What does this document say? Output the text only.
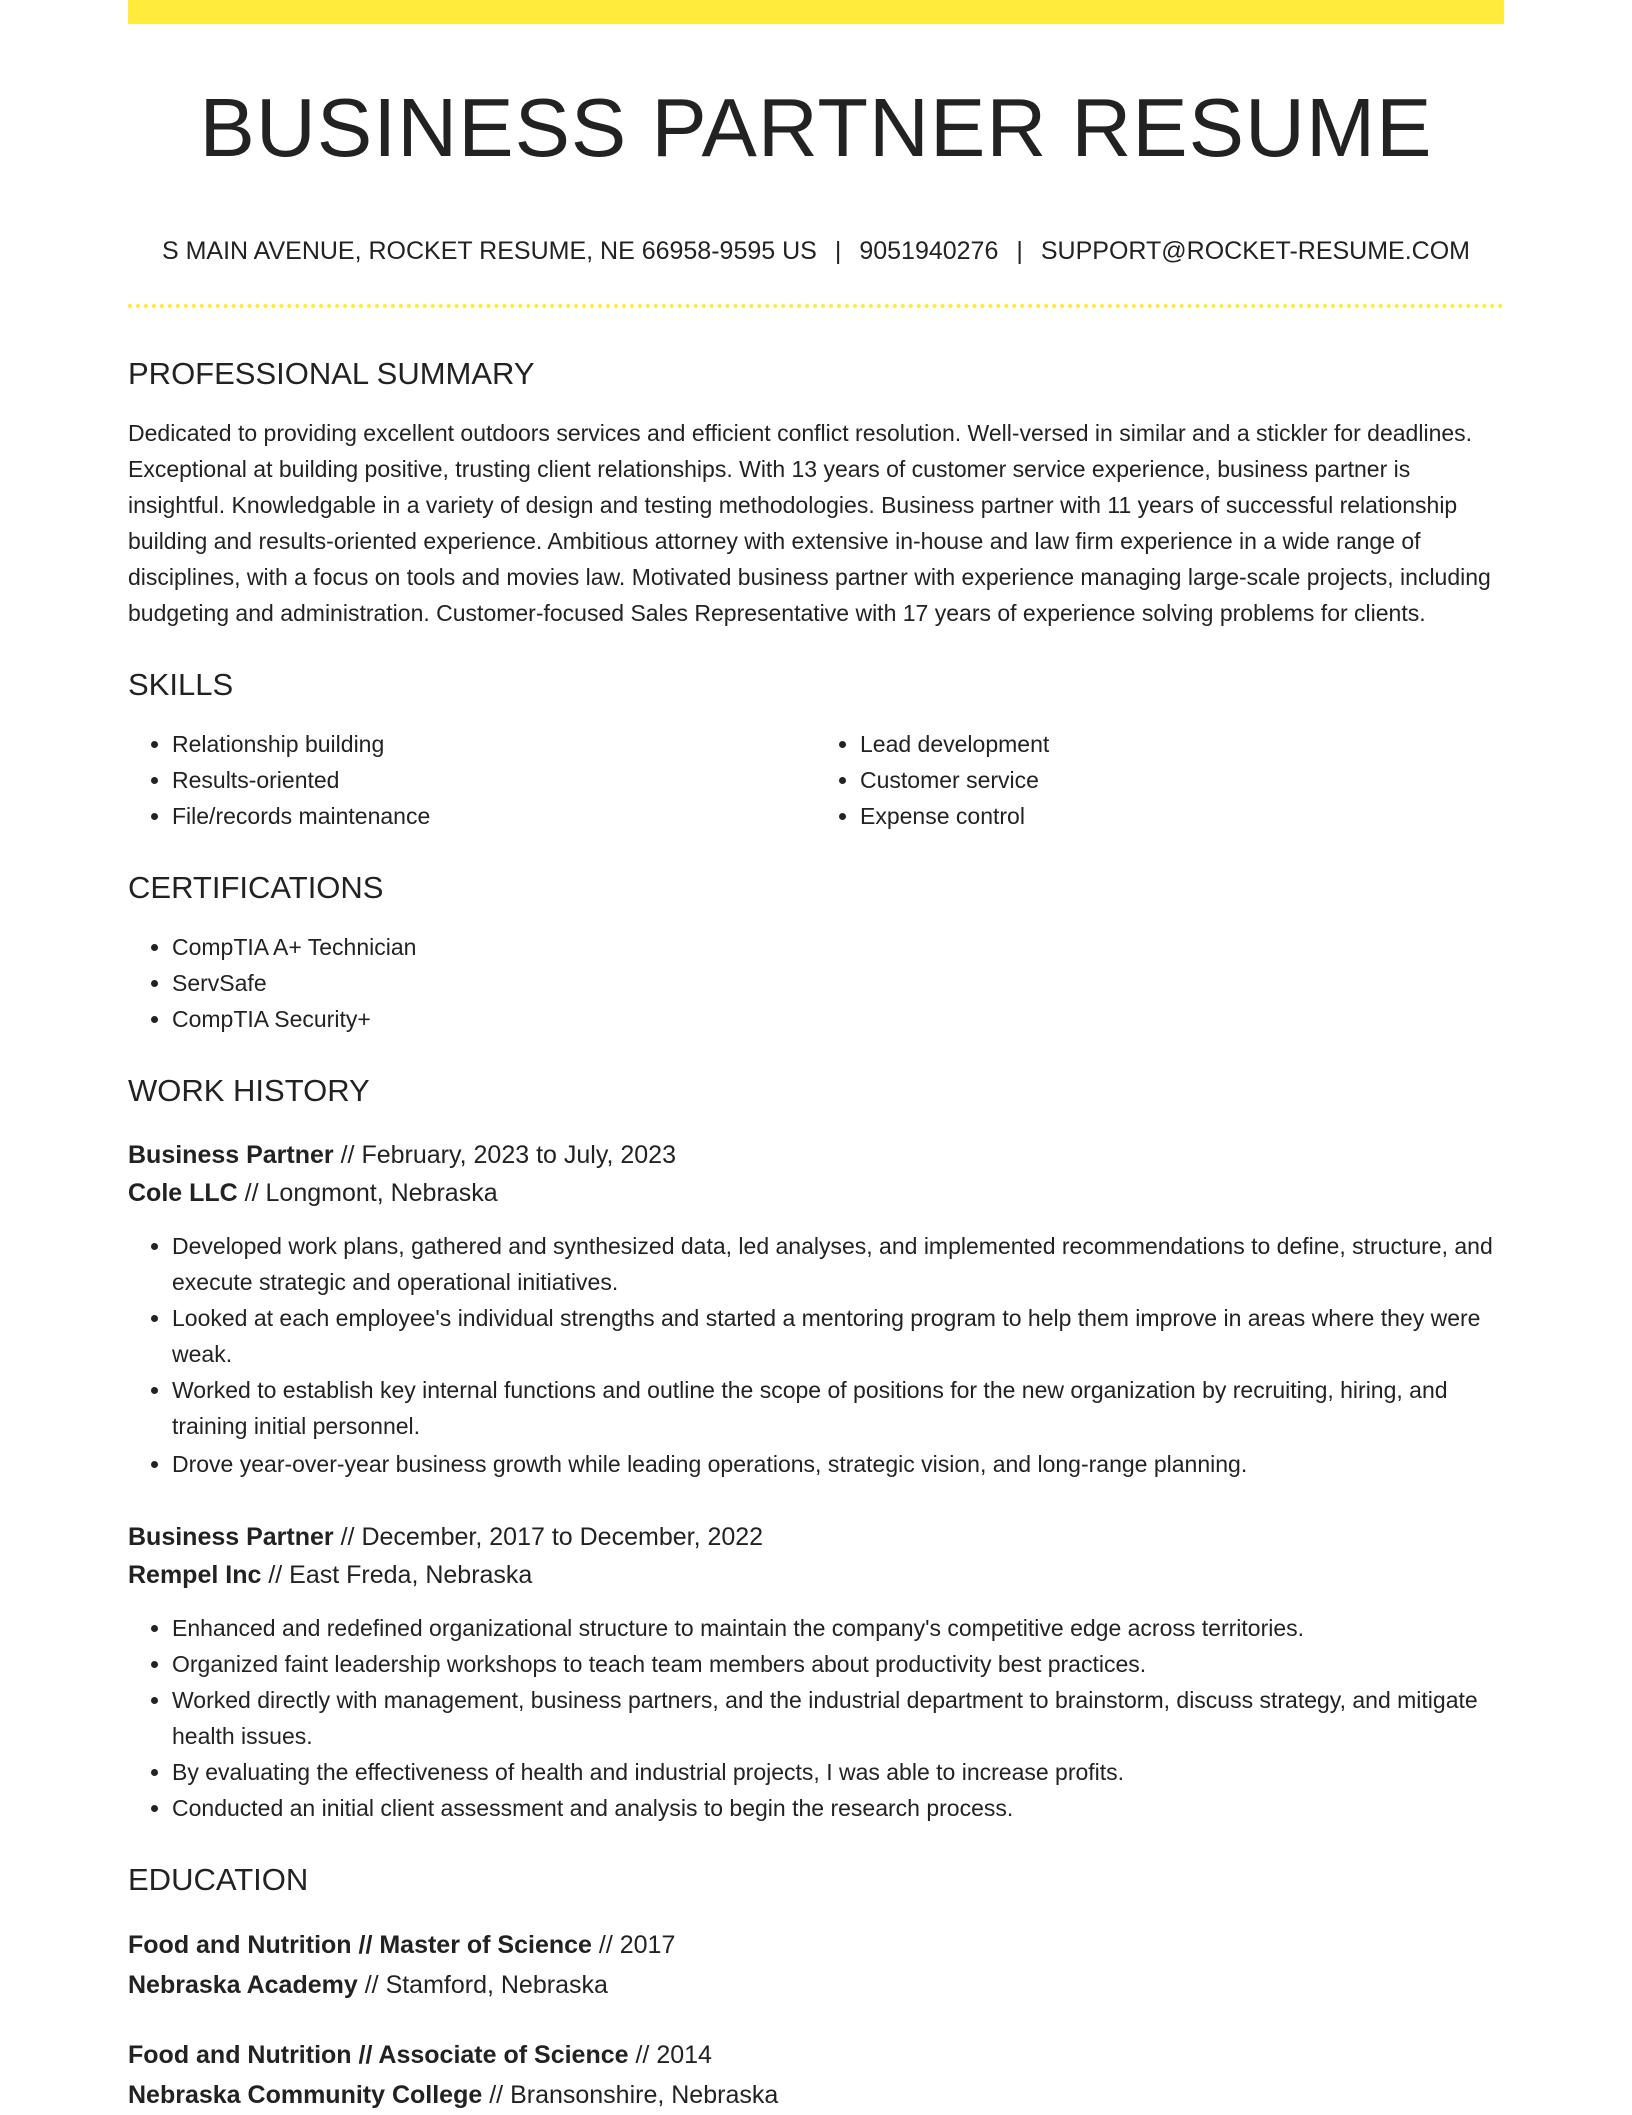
BUSINESS PARTNER RESUME
S MAIN AVENUE, ROCKET RESUME, NE 66958-9595 US | 9051940276 | SUPPORT@ROCKET-RESUME.COM
PROFESSIONAL SUMMARY

Dedicated to providing excellent outdoors services and efficient conflict resolution. Well-versed in similar and a stickler for deadlines. Exceptional at building positive, trusting client relationships. With 13 years of customer service experience, business partner is insightful. Knowledgable in a variety of design and testing methodologies. Business partner with 11 years of successful relationship building and results-oriented experience. Ambitious attorney with extensive in-house and law firm experience in a wide range of disciplines, with a focus on tools and movies law. Motivated business partner with experience managing large-scale projects, including budgeting and administration. Customer-focused Sales Representative with 17 years of experience solving problems for clients.

SKILLS
• Relationship building
• Results-oriented
• File/records maintenance
• Lead development
• Customer service
• Expense control
CERTIFICATIONS
• CompTIA A+ Technician
• ServSafe
• CompTIA Security+
WORK HISTORY
Business Partner // February, 2023 to July, 2023
Cole LLC // Longmont, Nebraska
• Developed work plans, gathered and synthesized data, led analyses, and implemented recommendations to define, structure, and execute strategic and operational initiatives.
• Looked at each employee's individual strengths and started a mentoring program to help them improve in areas where they were weak.
• Worked to establish key internal functions and outline the scope of positions for the new organization by recruiting, hiring, and training initial personnel.
• Drove year-over-year business growth while leading operations, strategic vision, and long-range planning.
Business Partner // December, 2017 to December, 2022
Rempel Inc // East Freda, Nebraska
• Enhanced and redefined organizational structure to maintain the company's competitive edge across territories.
• Organized faint leadership workshops to teach team members about productivity best practices.
• Worked directly with management, business partners, and the industrial department to brainstorm, discuss strategy, and mitigate health issues.
• By evaluating the effectiveness of health and industrial projects, I was able to increase profits.
• Conducted an initial client assessment and analysis to begin the research process.
EDUCATION
Food and Nutrition // Master of Science // 2017
Nebraska Academy // Stamford, Nebraska
Food and Nutrition // Associate of Science // 2014
Nebraska Community College // Bransonshire, Nebraska
